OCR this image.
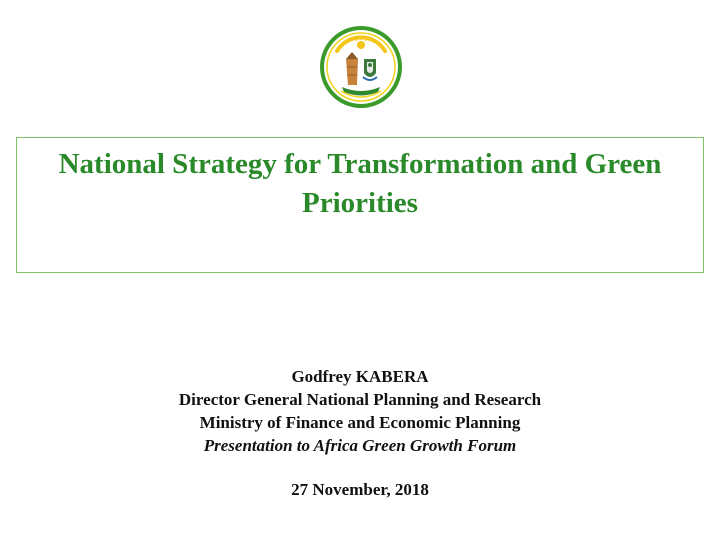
National Strategy for Transformation and Green Priorities
Godfrey KABERA
Director General National Planning and Research
Ministry of Finance and Economic Planning
Presentation to Africa Green Growth Forum
27 November, 2018
